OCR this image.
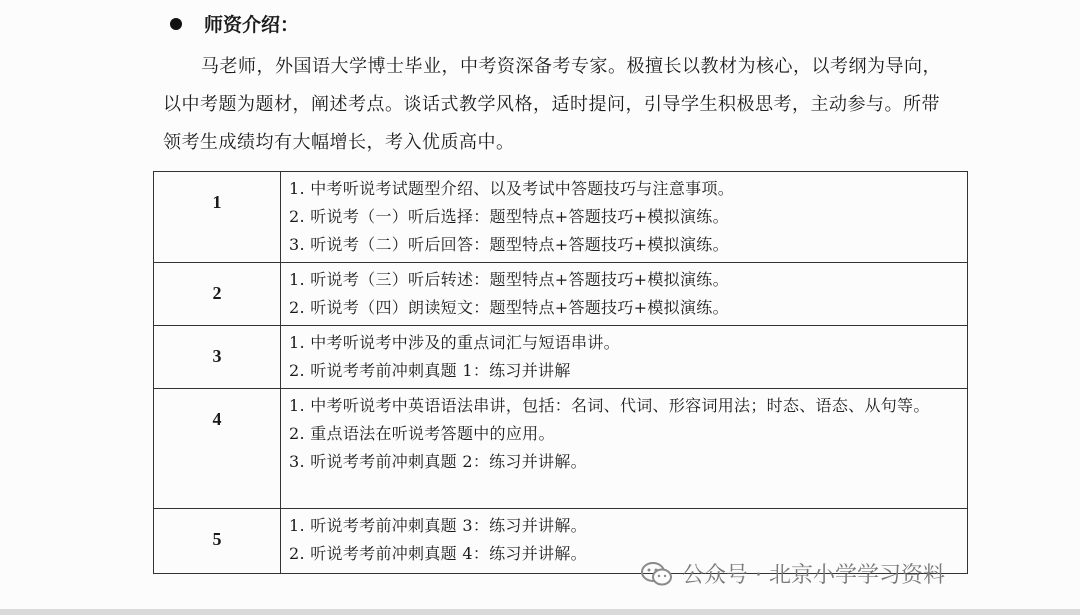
师资介绍：

马老师，外国语大学博士毕业，中考资深备考专家。极擅长以教材为核心，以考纲为导向，以中考题为题材，阐述考点。谈话式教学风格，适时提问，引导学生积极思考，主动参与。所带领考生成绩均有大幅增长，考入优质高中。

1	1. 中考听说考试题型介绍、以及考试中答题技巧与注意事项。
2. 听说考（一）听后选择：题型特点+答题技巧+模拟演练。
3. 听说考（二）听后回答：题型特点+答题技巧+模拟演练。

2	1. 听说考（三）听后转述：题型特点+答题技巧+模拟演练。
2. 听说考（四）朗读短文：题型特点+答题技巧+模拟演练。

3	1. 中考听说考中涉及的重点词汇与短语串讲。
2. 听说考考前冲刺真题 1：练习并讲解

4	1. 中考听说考中英语语法串讲，包括：名词、代词、形容词用法；时态、语态、从句等。
2. 重点语法在听说考答题中的应用。
3. 听说考考前冲刺真题 2：练习并讲解。

5	1. 听说考考前冲刺真题 3：练习并讲解。
2. 听说考考前冲刺真题 4：练习并讲解。
公众号 · 北京小学学习资料
